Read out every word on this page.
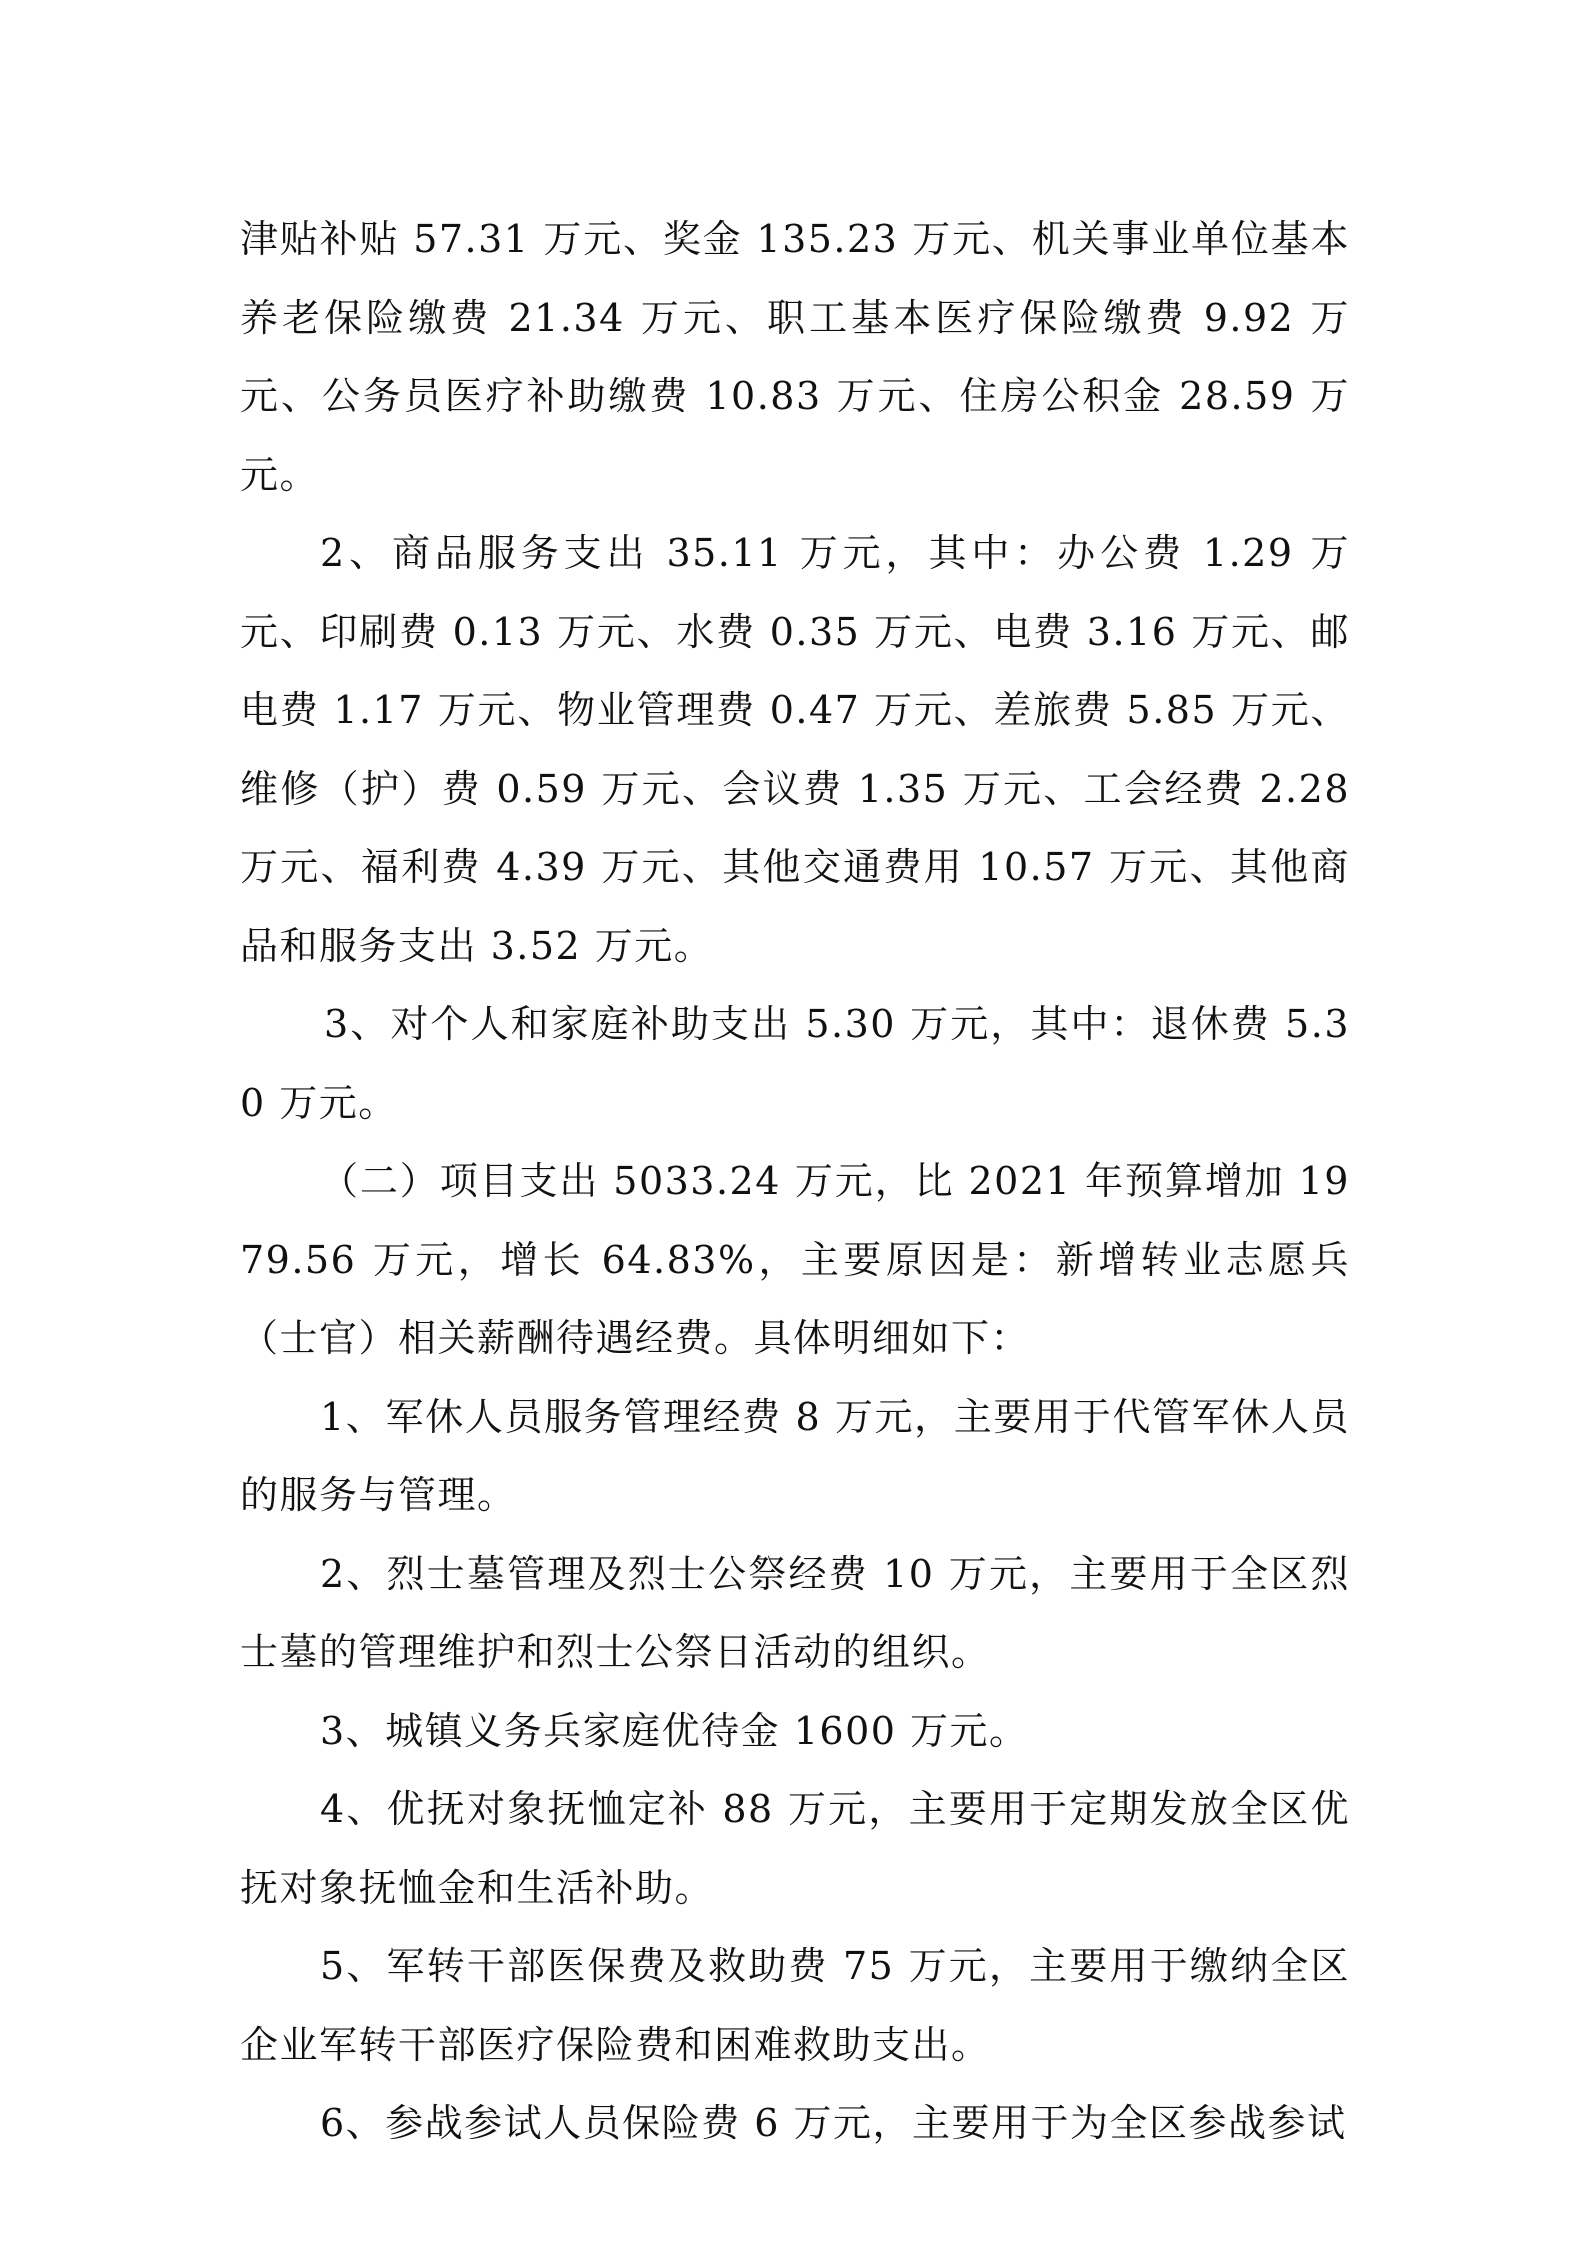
津贴补贴 57.31 万元、奖金 135.23 万元、机关事业单位基本养老保险缴费 21.34 万元、职工基本医疗保险缴费 9.92 万元、公务员医疗补助缴费 10.83 万元、住房公积金 28.59 万元。

2、商品服务支出 35.11 万元，其中：办公费 1.29 万元、印刷费 0.13 万元、水费 0.35 万元、电费 3.16 万元、邮电费 1.17 万元、物业管理费 0.47 万元、差旅费 5.85 万元、维修（护）费 0.59 万元、会议费 1.35 万元、工会经费 2.28 万元、福利费 4.39 万元、其他交通费用 10.57 万元、其他商品和服务支出 3.52 万元。

3、对个人和家庭补助支出 5.30 万元，其中：退休费 5.30 万元。

（二）项目支出 5033.24 万元，比 2021 年预算增加 1979.56 万元，增长 64.83%，主要原因是：新增转业志愿兵（士官）相关薪酬待遇经费。具体明细如下：

1、军休人员服务管理经费 8 万元，主要用于代管军休人员的服务与管理。

2、烈士墓管理及烈士公祭经费 10 万元，主要用于全区烈士墓的管理维护和烈士公祭日活动的组织。

3、城镇义务兵家庭优待金 1600 万元。

4、优抚对象抚恤定补 88 万元，主要用于定期发放全区优抚对象抚恤金和生活补助。

5、军转干部医保费及救助费 75 万元，主要用于缴纳全区企业军转干部医疗保险费和困难救助支出。

6、参战参试人员保险费 6 万元，主要用于为全区参战参试
